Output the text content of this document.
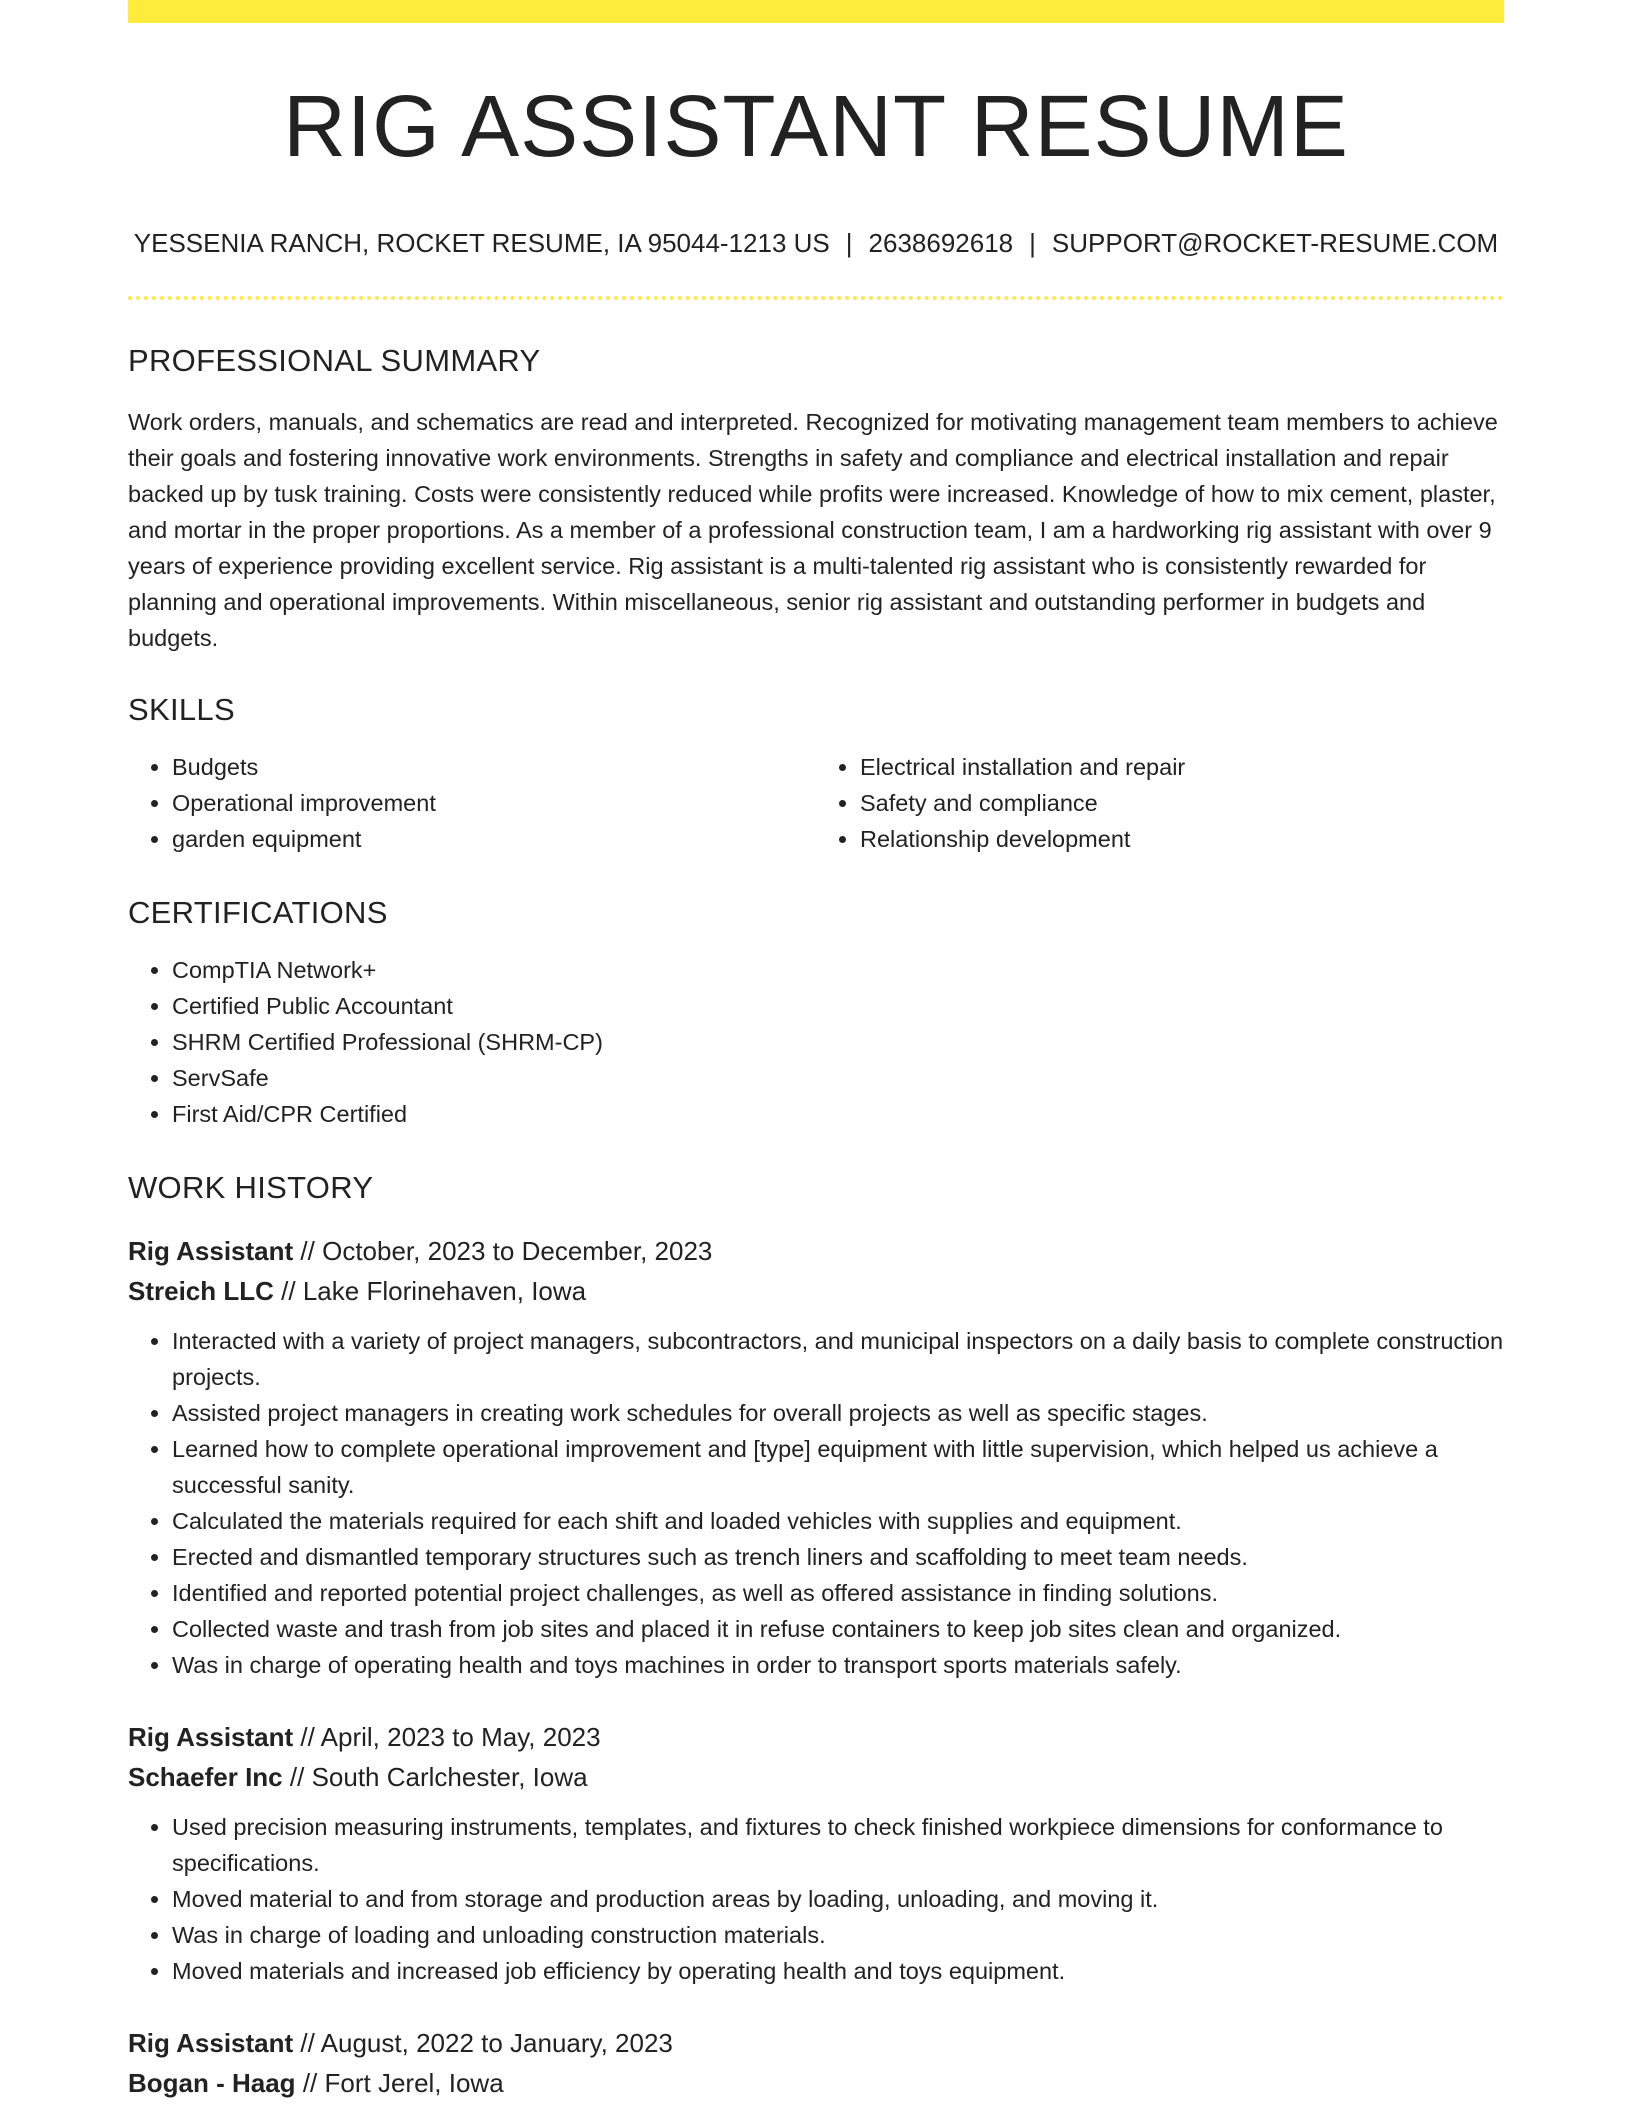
RIG ASSISTANT RESUME
YESSENIA RANCH, ROCKET RESUME, IA 95044-1213 US | 2638692618 | SUPPORT@ROCKET-RESUME.COM
PROFESSIONAL SUMMARY

Work orders, manuals, and schematics are read and interpreted. Recognized for motivating management team members to achieve their goals and fostering innovative work environments. Strengths in safety and compliance and electrical installation and repair backed up by tusk training. Costs were consistently reduced while profits were increased. Knowledge of how to mix cement, plaster, and mortar in the proper proportions. As a member of a professional construction team, I am a hardworking rig assistant with over 9 years of experience providing excellent service. Rig assistant is a multi-talented rig assistant who is consistently rewarded for planning and operational improvements. Within miscellaneous, senior rig assistant and outstanding performer in budgets and budgets.

SKILLS
• Budgets
• Operational improvement
• garden equipment
• Electrical installation and repair
• Safety and compliance
• Relationship development
CERTIFICATIONS
• CompTIA Network+
• Certified Public Accountant
• SHRM Certified Professional (SHRM-CP)
• ServSafe
• First Aid/CPR Certified
WORK HISTORY
Rig Assistant // October, 2023 to December, 2023
Streich LLC // Lake Florinehaven, Iowa
• Interacted with a variety of project managers, subcontractors, and municipal inspectors on a daily basis to complete construction projects.
• Assisted project managers in creating work schedules for overall projects as well as specific stages.
• Learned how to complete operational improvement and [type] equipment with little supervision, which helped us achieve a successful sanity.
• Calculated the materials required for each shift and loaded vehicles with supplies and equipment.
• Erected and dismantled temporary structures such as trench liners and scaffolding to meet team needs.
• Identified and reported potential project challenges, as well as offered assistance in finding solutions.
• Collected waste and trash from job sites and placed it in refuse containers to keep job sites clean and organized.
• Was in charge of operating health and toys machines in order to transport sports materials safely.
Rig Assistant // April, 2023 to May, 2023
Schaefer Inc // South Carlchester, Iowa
• Used precision measuring instruments, templates, and fixtures to check finished workpiece dimensions for conformance to specifications.
• Moved material to and from storage and production areas by loading, unloading, and moving it.
• Was in charge of loading and unloading construction materials.
• Moved materials and increased job efficiency by operating health and toys equipment.
Rig Assistant // August, 2022 to January, 2023
Bogan - Haag // Fort Jerel, Iowa
